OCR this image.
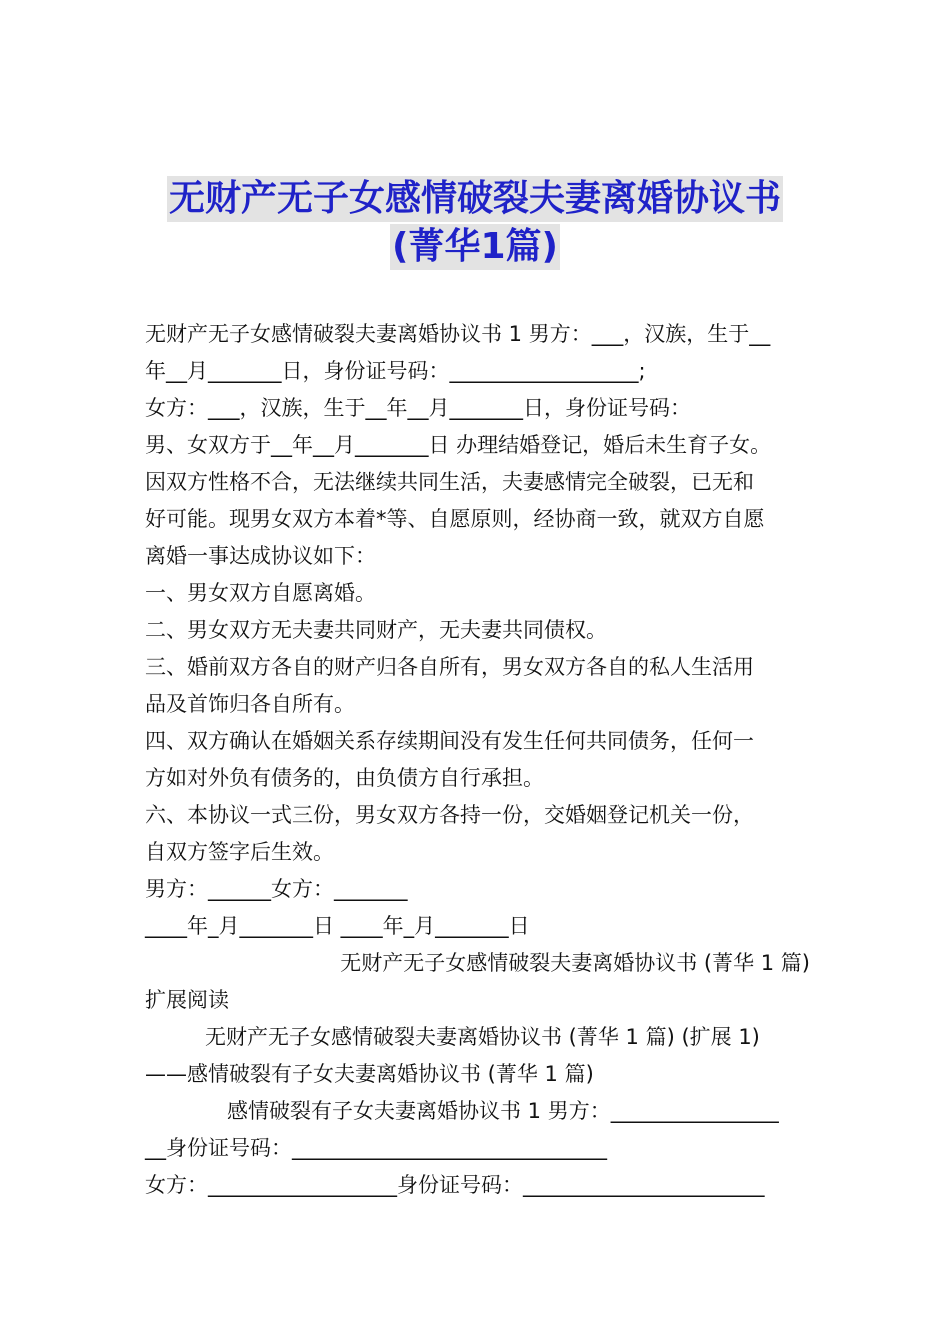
无财产无子女感情破裂夫妻离婚协议书
(菁华1篇)
无财产无子女感情破裂夫妻离婚协议书 1 男方：___，汉族，生于__
年__月_______日，身份证号码：__________________;
女方：___，汉族，生于__年__月_______日，身份证号码：
男、女双方于__年__月_______日 办理结婚登记，婚后未生育子女。
因双方性格不合，无法继续共同生活，夫妻感情完全破裂，已无和
好可能。现男女双方本着*等、自愿原则，经协商一致，就双方自愿
离婚一事达成协议如下：
一、男女双方自愿离婚。
二、男女双方无夫妻共同财产，无夫妻共同债权。
三、婚前双方各自的财产归各自所有，男女双方各自的私人生活用
品及首饰归各自所有。
四、双方确认在婚姻关系存续期间没有发生任何共同债务，任何一
方如对外负有债务的，由负债方自行承担。
六、本协议一式三份，男女双方各持一份，交婚姻登记机关一份，
自双方签字后生效。
男方：______女方：_______
____年_月_______日 ____年_月_______日
无财产无子女感情破裂夫妻离婚协议书 (菁华 1 篇)
扩展阅读
无财产无子女感情破裂夫妻离婚协议书 (菁华 1 篇) (扩展 1)
——感情破裂有子女夫妻离婚协议书 (菁华 1 篇)
感情破裂有子女夫妻离婚协议书 1 男方：________________
__身份证号码：______________________________
女方：__________________身份证号码：_______________________
